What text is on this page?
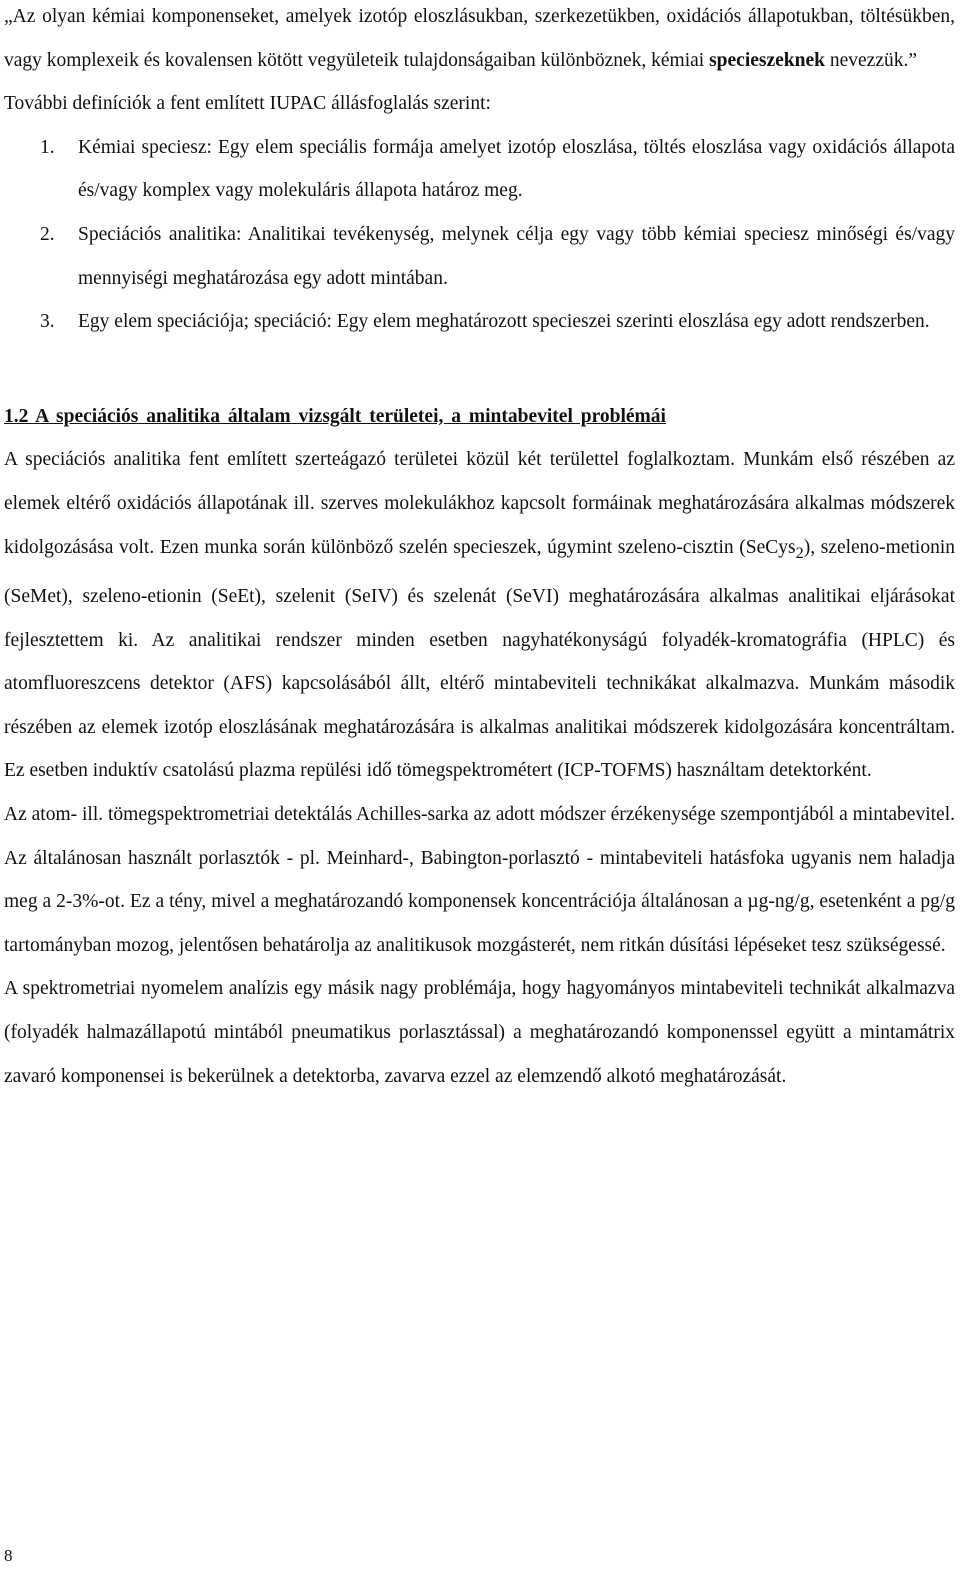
„Az olyan kémiai komponenseket, amelyek izotóp eloszlásukban, szerkezetükben, oxidációs állapotukban, töltésükben, vagy komplexeik és kovalensen kötött vegyületeik tulajdonságaiban különböznek, kémiai specieszeknek nevezzük.”

További definíciók a fent említett IUPAC állásfoglalás szerint:

1. Kémiai speciesz: Egy elem speciális formája amelyet izotóp eloszlása, töltés eloszlása vagy oxidációs állapota és/vagy komplex vagy molekuláris állapota határoz meg.
2. Speciációs analitika: Analitikai tevékenység, melynek célja egy vagy több kémiai speciesz minőségi és/vagy mennyiségi meghatározása egy adott mintában.
3. Egy elem speciációja; speciáció: Egy elem meghatározott specieszei szerinti eloszlása egy adott rendszerben.
1.2 A speciációs analitika általam vizsgált területei, a mintabevitel problémái

A speciációs analitika fent említett szerteágazó területei közül két területtel foglalkoztam. Munkám első részében az elemek eltérő oxidációs állapotának ill. szerves molekulákhoz kapcsolt formáinak meghatározására alkalmas módszerek kidolgozásása volt. Ezen munka során különböző szelén specieszek, úgymint szeleno-cisztin (SeCys$_2$), szeleno-metionin (SeMet), szeleno-etionin (SeEt), szelenit (SeIV) és szelenát (SeVI) meghatározására alkalmas analitikai eljárásokat fejlesztettem ki. Az analitikai rendszer minden esetben nagyhatékonyságú folyadék-kromatográfia (HPLC) és atomfluoreszcens detektor (AFS) kapcsolásából állt, eltérő mintabeviteli technikákat alkalmazva. Munkám második részében az elemek izotóp eloszlásának meghatározására is alkalmas analitikai módszerek kidolgozására koncentráltam. Ez esetben induktív csatolású plazma repülési idő tömegspektrométert (ICP-TOFMS) használtam detektorként.

Az atom- ill. tömegspektrometriai detektálás Achilles-sarka az adott módszer érzékenysége szempontjából a mintabevitel. Az általánosan használt porlasztók - pl. Meinhard-, Babington-porlasztó - mintabeviteli hatásfoka ugyanis nem haladja meg a 2-3%-ot. Ez a tény, mivel a meghatározandó komponensek koncentrációja általánosan a µg-ng/g, esetenként a pg/g tartományban mozog, jelentősen behatárolja az analitikusok mozgásterét, nem ritkán dúsítási lépéseket tesz szükségessé.

A spektrometriai nyomelem analízis egy másik nagy problémája, hogy hagyományos mintabeviteli technikát alkalmazva (folyadék halmazállapotú mintából pneumatikus porlasztással) a meghatározandó komponenssel együtt a mintamátrix zavaró komponensei is bekerülnek a detektorba, zavarva ezzel az elemzendő alkotó meghatározását.

8
